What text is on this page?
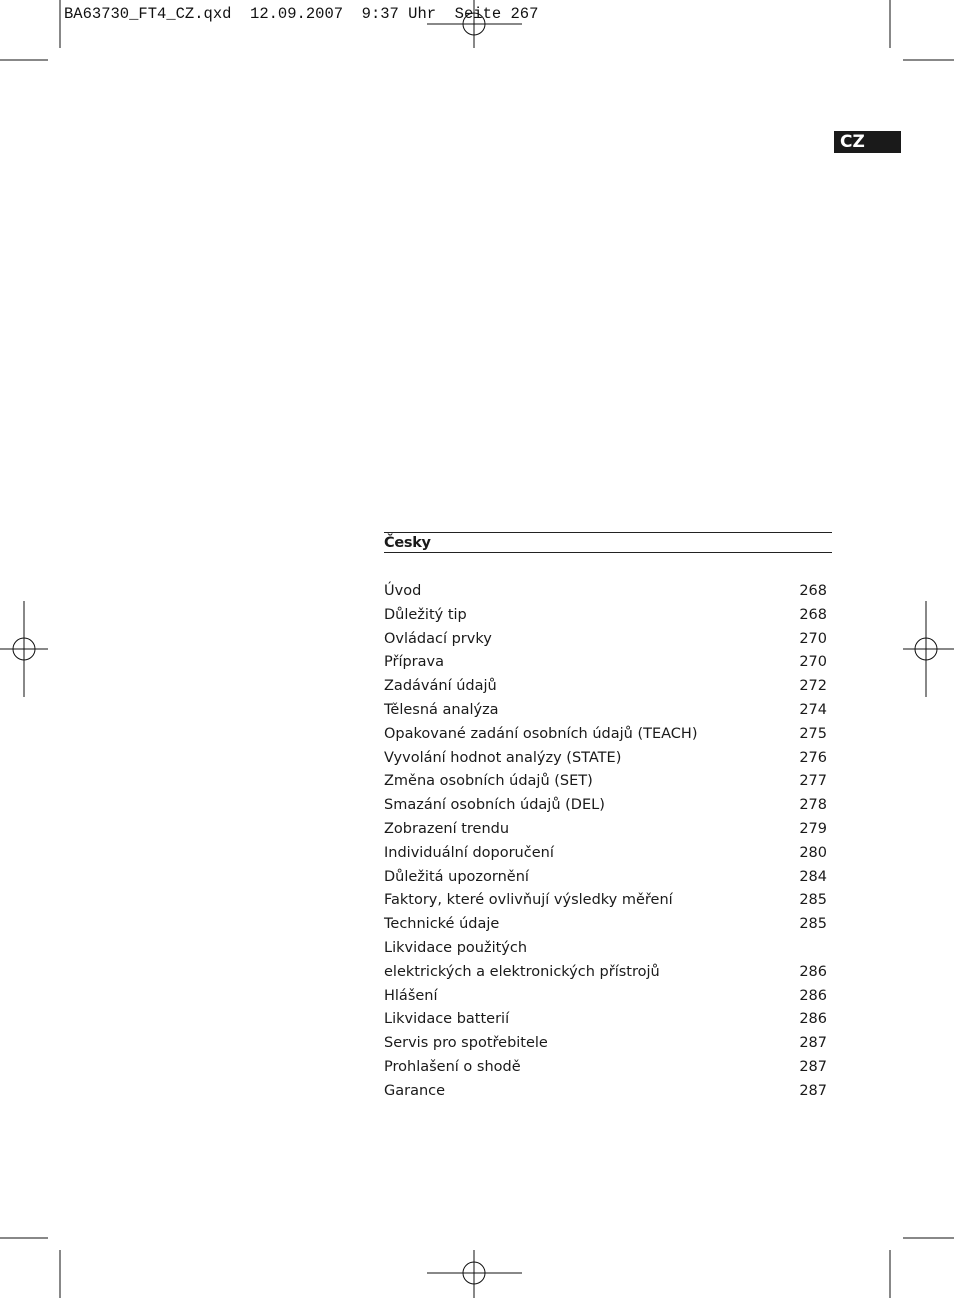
BA63730_FT4_CZ.qxd  12.09.2007  9:37 Uhr  Seite 267
CZ
Česky
Úvod	268
Důležitý tip	268
Ovládací prvky	270
Příprava	270
Zadávání údajů	272
Tělesná analýza	274
Opakované zadání osobních údajů (TEACH)	275
Vyvolání hodnot analýzy (STATE)	276
Změna osobních údajů (SET)	277
Smazání osobních údajů (DEL)	278
Zobrazení trendu	279
Individuální doporučení	280
Důležitá upozornění	284
Faktory, které ovlivňují výsledky měření	285
Technické údaje	285
Likvidace použitých
elektrických a elektronických přístrojů	286
Hlášení	286
Likvidace batterií	286
Servis pro spotřebitele	287
Prohlašení o shodě	287
Garance	287
